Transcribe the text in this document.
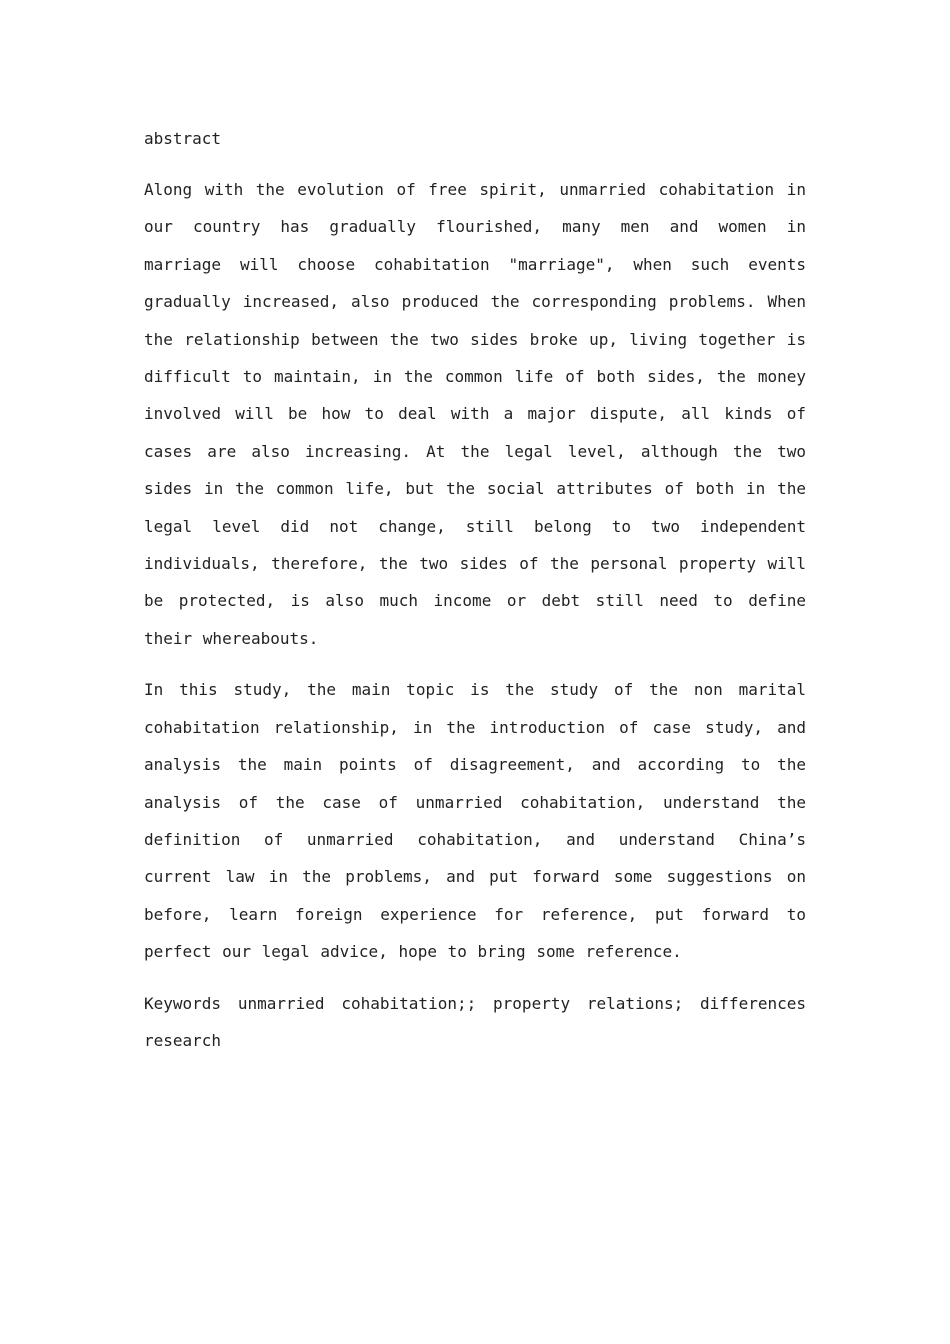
abstract

Along with the evolution of free spirit, unmarried cohabitation in our country has gradually flourished, many men and women in marriage will choose cohabitation "marriage", when such events gradually increased, also produced the corresponding problems. When the relationship between the two sides broke up, living together is difficult to maintain, in the common life of both sides, the money involved will be how to deal with a major dispute, all kinds of cases are also increasing. At the legal level, although the two sides in the common life, but the social attributes of both in the legal level did not change, still belong to two independent individuals, therefore, the two sides of the personal property will be protected, is also much income or debt still need to define their whereabouts.

In this study, the main topic is the study of the non marital cohabitation relationship, in the introduction of case study, and analysis the main points of disagreement, and according to the analysis of the case of unmarried cohabitation, understand the definition of unmarried cohabitation, and understand China’s current law in the problems, and put forward some suggestions on before, learn foreign experience for reference, put forward to perfect our legal advice, hope to bring some reference.

Keywords unmarried cohabitation;; property relations; differences research
